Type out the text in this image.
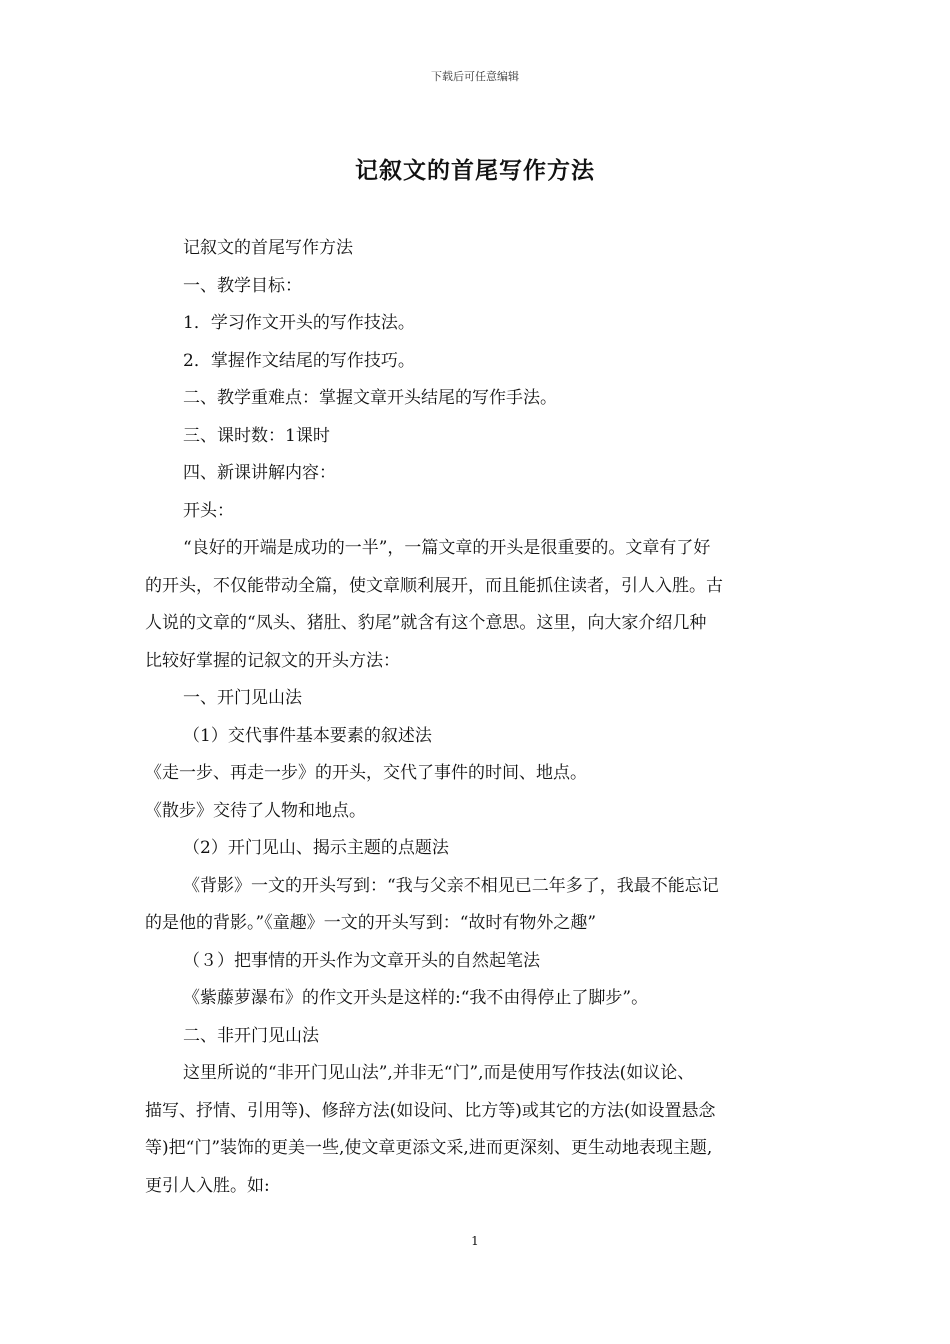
下载后可任意编辑
记叙文的首尾写作方法

记叙文的首尾写作方法

一、教学目标：

1．学习作文开头的写作技法。

2．掌握作文结尾的写作技巧。

二、教学重难点：掌握文章开头结尾的写作手法。

三、课时数：1课时

四、新课讲解内容：

开头：

“良好的开端是成功的一半”，一篇文章的开头是很重要的。文章有了好

的开头，不仅能带动全篇，使文章顺利展开，而且能抓住读者，引人入胜。古

人说的文章的“凤头、猪肚、豹尾”就含有这个意思。这里，向大家介绍几种

比较好掌握的记叙文的开头方法：

一、开门见山法

（1）交代事件基本要素的叙述法

《走一步、再走一步》的开头，交代了事件的时间、地点。

《散步》交待了人物和地点。

（2）开门见山、揭示主题的点题法

《背影》一文的开头写到：“我与父亲不相见已二年多了，我最不能忘记

的是他的背影。”《童趣》一文的开头写到：“故时有物外之趣”

（３）把事情的开头作为文章开头的自然起笔法

《紫藤萝瀑布》的作文开头是这样的:“我不由得停止了脚步”。

二、非开门见山法

这里所说的“非开门见山法”,并非无“门”,而是使用写作技法(如议论、

描写、抒情、引用等)、修辞方法(如设问、比方等)或其它的方法(如设置悬念

等)把“门”装饰的更美一些,使文章更添文采,进而更深刻、更生动地表现主题,

更引人入胜。如:

1
